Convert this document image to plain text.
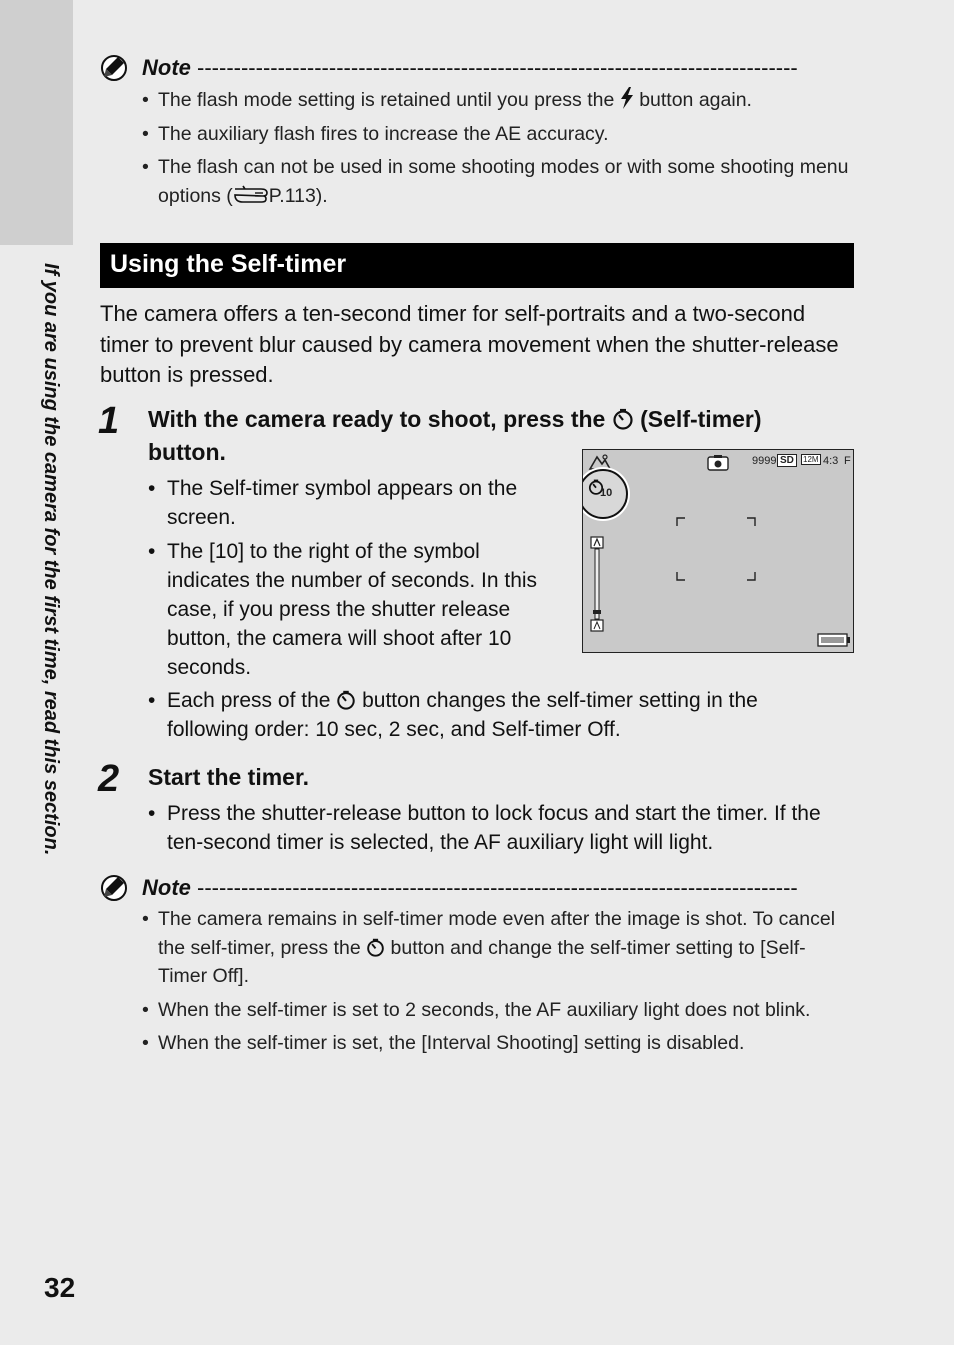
If you are using the camera for the first time, read this section.
Note ----------------------------------------------------------------------------------
• The flash mode setting is retained until you press the  button again.
• The auxiliary flash fires to increase the AE accuracy.
• The flash can not be used in some shooting modes or with some shooting menu options ( P.113).
Using the Self-timer

The camera offers a ten-second timer for self-portraits and a two-second timer to prevent blur caused by camera movement when the shutter-release button is pressed.

1 With the camera ready to shoot, press the  (Self-timer) button.

• The Self-timer symbol appears on the screen.
• The [10] to the right of the symbol indicates the number of seconds. In this case, if you press the shutter release button, the camera will shoot after 10 seconds.
• Each press of the  button changes the self-timer setting in the following order: 10 sec, 2 sec, and Self-timer Off.
9999 SD	12M 4:3 F
10
2 Start the timer.

• Press the shutter-release button to lock focus and start the timer. If the ten-second timer is selected, the AF auxiliary light will light.
Note ----------------------------------------------------------------------------------
• The camera remains in self-timer mode even after the image is shot. To cancel the self-timer, press the  button and change the self-timer setting to [Self-Timer Off].
• When the self-timer is set to 2 seconds, the AF auxiliary light does not blink.
• When the self-timer is set, the [Interval Shooting] setting is disabled.
32
